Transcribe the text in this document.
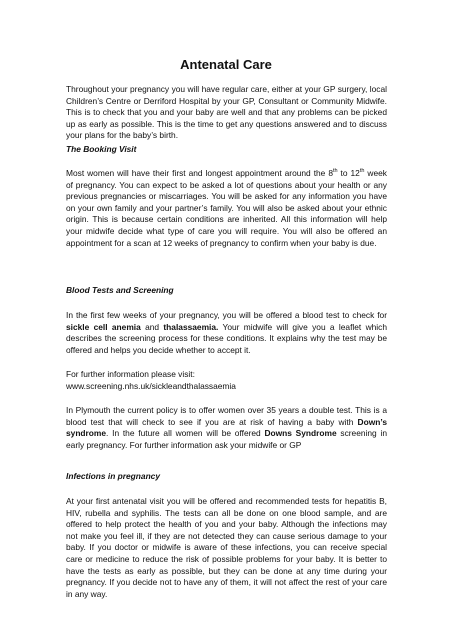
Antenatal Care
Throughout your pregnancy you will have regular care, either at your GP surgery, local Children’s Centre or Derriford Hospital by your GP, Consultant or Community Midwife. This is to check that you and your baby are well and that any problems can be picked up as early as possible. This is the time to get any questions answered and to discuss your plans for the baby’s birth.
The Booking Visit
Most women will have their first and longest appointment around the 8th to 12th week of pregnancy. You can expect to be asked a lot of questions about your health or any previous pregnancies or miscarriages. You will be asked for any information you have on your own family and your partner’s family. You will also be asked about your ethnic origin. This is because certain conditions are inherited. All this information will help your midwife decide what type of care you will require. You will also be offered an appointment for a scan at 12 weeks of pregnancy to confirm when your baby is due.
Blood Tests and Screening
In the first few weeks of your pregnancy, you will be offered a blood test to check for sickle cell anemia and thalassaemia. Your midwife will give you a leaflet which describes the screening process for these conditions. It explains why the test may be offered and helps you decide whether to accept it.
For further information please visit:
www.screening.nhs.uk/sickleandthalassaemia
In Plymouth the current policy is to offer women over 35 years a double test. This is a blood test that will check to see if you are at risk of having a baby with Down’s syndrome. In the future all women will be offered Downs Syndrome screening in early pregnancy. For further information ask your midwife or GP
Infections in pregnancy
At your first antenatal visit you will be offered and recommended tests for hepatitis B, HIV, rubella and syphilis. The tests can all be done on one blood sample, and are offered to help protect the health of you and your baby. Although the infections may not make you feel ill, if they are not detected they can cause serious damage to your baby. If you doctor or midwife is aware of these infections, you can receive special care or medicine to reduce the risk of possible problems for your baby. It is better to have the tests as early as possible, but they can be done at any time during your pregnancy. If you decide not to have any of them, it will not affect the rest of your care in any way.
